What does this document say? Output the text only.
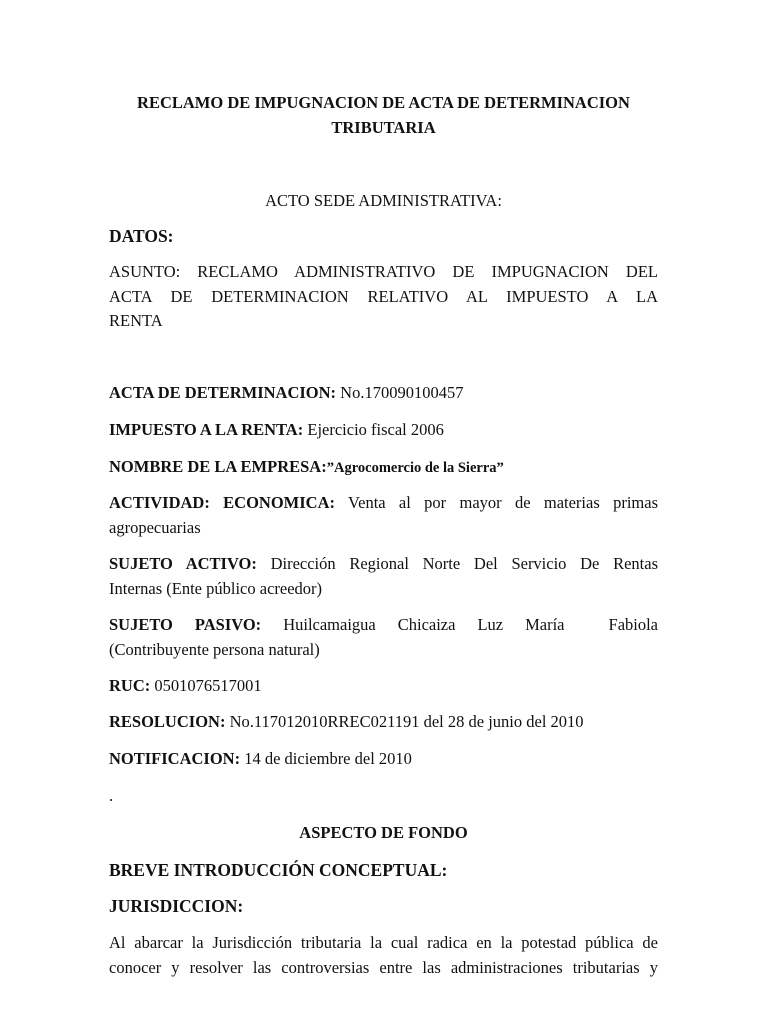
RECLAMO DE IMPUGNACION DE ACTA DE DETERMINACION
TRIBUTARIA
ACTO SEDE ADMINISTRATIVA:
DATOS:
ASUNTO: RECLAMO ADMINISTRATIVO DE IMPUGNACION DEL
ACTA DE DETERMINACION RELATIVO AL IMPUESTO A LA
RENTA
ACTA DE DETERMINACION: No.170090100457
IMPUESTO A LA RENTA: Ejercicio fiscal 2006
NOMBRE DE LA EMPRESA:”Agrocomercio de la Sierra”
ACTIVIDAD: ECONOMICA: Venta al por mayor de materias primas
agropecuarias
SUJETO ACTIVO: Dirección Regional Norte Del Servicio De Rentas
Internas (Ente público acreedor)
SUJETO PASIVO: Huilcamaigua Chicaiza Luz María  Fabiola
(Contribuyente persona natural)
RUC: 0501076517001
RESOLUCION: No.117012010RREC021191 del 28 de junio del 2010
NOTIFICACION: 14 de diciembre del 2010
.
ASPECTO DE FONDO
BREVE INTRODUCCIÓN CONCEPTUAL:
JURISDICCION:
Al abarcar la Jurisdicción tributaria la cual radica en la potestad pública de
conocer y resolver las controversias entre las administraciones tributarias y
